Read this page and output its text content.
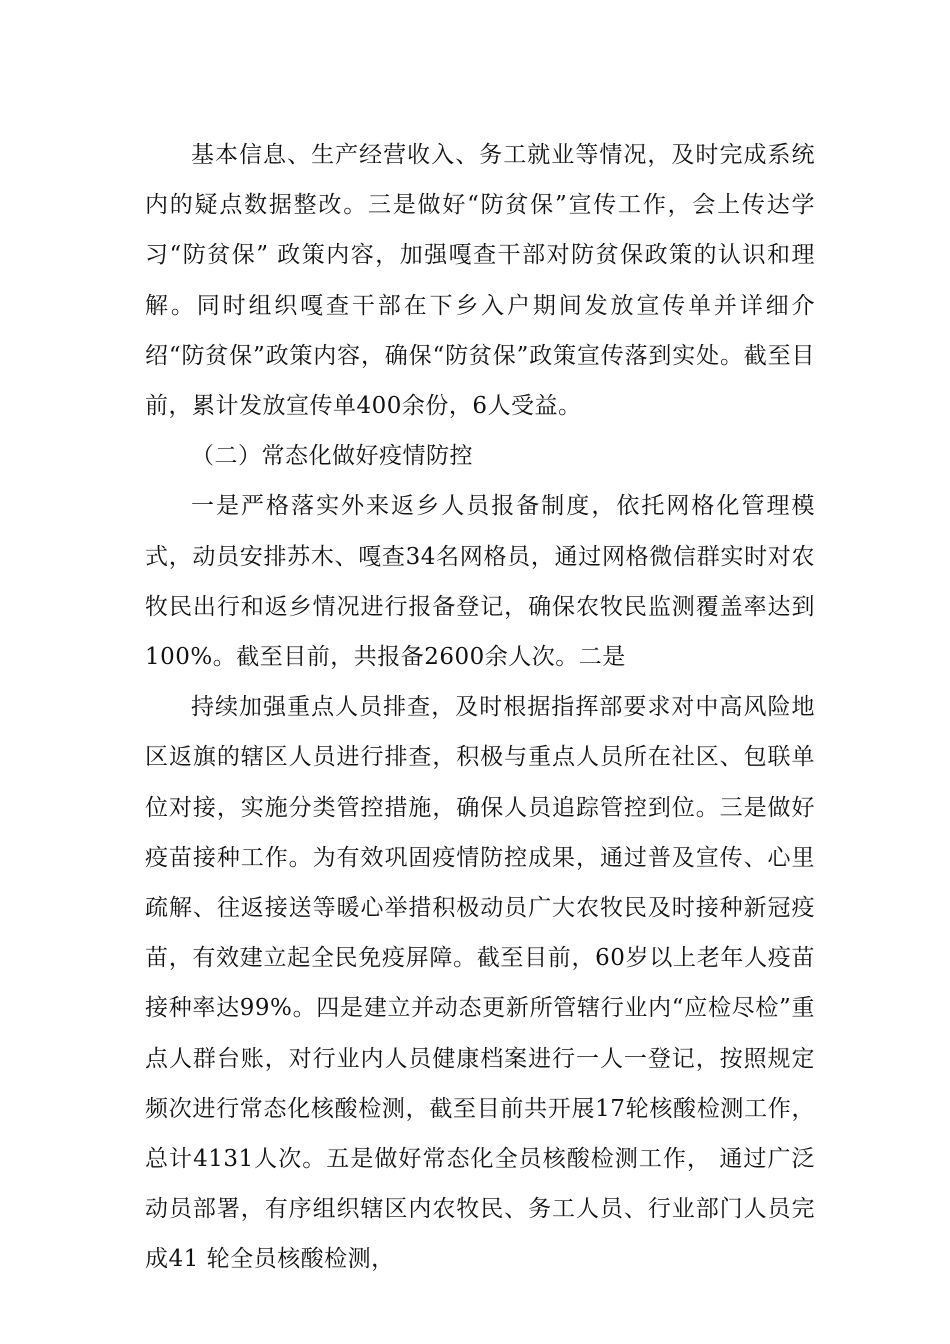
基本信息、生产经营收入、务工就业等情况，及时完成系统内的疑点数据整改。三是做好“防贫保”宣传工作，会上传达学习“防贫保” 政策内容，加强嘎查干部对防贫保政策的认识和理解。同时组织嘎查干部在下乡入户期间发放宣传单并详细介绍“防贫保”政策内容，确保“防贫保”政策宣传落到实处。截至目前，累计发放宣传单400余份，6人受益。

（二）常态化做好疫情防控

一是严格落实外来返乡人员报备制度，依托网格化管理模式，动员安排苏木、嘎查34名网格员，通过网格微信群实时对农牧民出行和返乡情况进行报备登记，确保农牧民监测覆盖率达到100%。截至目前，共报备2600余人次。二是

持续加强重点人员排查，及时根据指挥部要求对中高风险地区返旗的辖区人员进行排查，积极与重点人员所在社区、包联单位对接，实施分类管控措施，确保人员追踪管控到位。三是做好疫苗接种工作。为有效巩固疫情防控成果，通过普及宣传、心里疏解、往返接送等暖心举措积极动员广大农牧民及时接种新冠疫苗，有效建立起全民免疫屏障。截至目前，60岁以上老年人疫苗接种率达99%。四是建立并动态更新所管辖行业内“应检尽检”重点人群台账，对行业内人员健康档案进行一人一登记，按照规定频次进行常态化核酸检测，截至目前共开展17轮核酸检测工作，总计4131人次。五是做好常态化全员核酸检测工作， 通过广泛动员部署，有序组织辖区内农牧民、务工人员、行业部门人员完成41 轮全员核酸检测，
